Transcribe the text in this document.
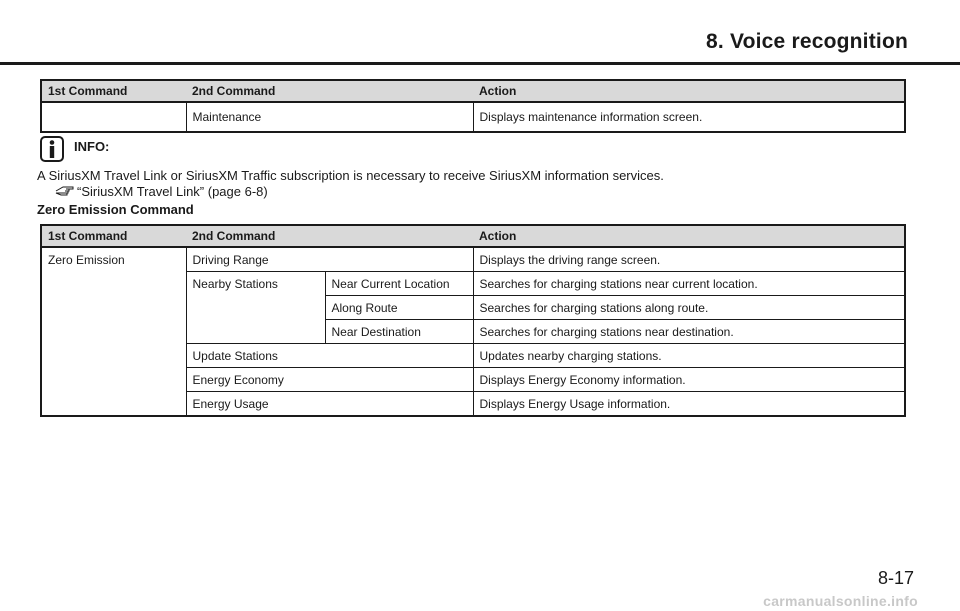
8. Voice recognition
1st Command	2nd Command	Action
	Maintenance	Displays maintenance information screen.
INFO:
A SiriusXM Travel Link or SiriusXM Traffic subscription is necessary to receive SiriusXM information services.
“SiriusXM Travel Link” (page 6-8)
Zero Emission Command
1st Command	2nd Command		Action
Zero Emission	Driving Range		Displays the driving range screen.
	Nearby Stations	Near Current Location	Searches for charging stations near current location.
		Along Route	Searches for charging stations along route.
		Near Destination	Searches for charging stations near destination.
	Update Stations		Updates nearby charging stations.
	Energy Economy		Displays Energy Economy information.
	Energy Usage		Displays Energy Usage information.
8-17
carmanualsonline.info
